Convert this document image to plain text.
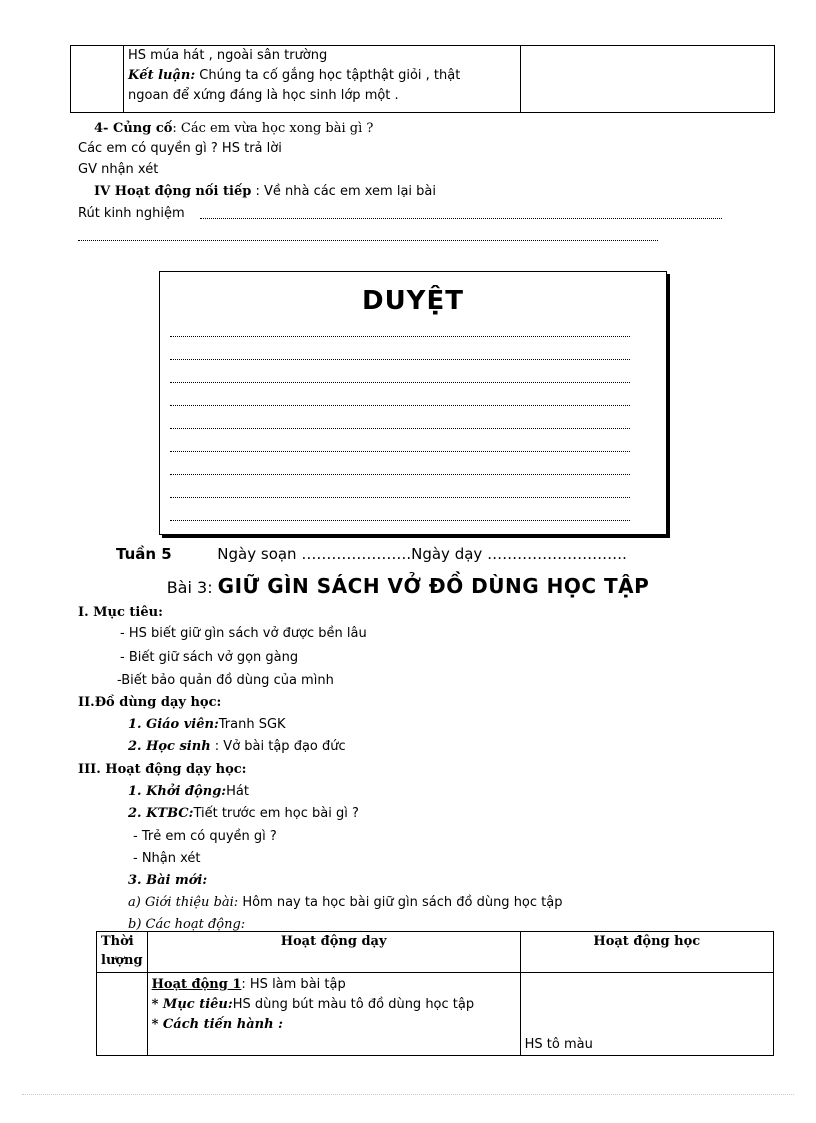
HS múa hát , ngoài sân trường
Kết luận: Chúng ta cố gắng học tậpthật giỏi , thật
ngoan để xứng đáng là học sinh lớp một .

4- Củng cố: Các em vừa học xong bài gì ?
Các em có quyền gì ? HS trả lời
GV nhận xét
IV Hoạt động nối tiếp : Về nhà các em xem lại bài
Rút kinh nghiệm
DUYỆT
Tuần 5	Ngày soạn ………………….Ngày dạy ……………………….
Bài 3: GIỮ GÌN SÁCH VỞ ĐỒ DÙNG HỌC TẬP
I. Mục tiêu:
- HS biết giữ gìn sách vở được bền lâu
- Biết giữ sách vở gọn gàng
-Biết bảo quản đồ dùng của mình
II.Đồ dùng dạy học:
1. Giáo viên:Tranh SGK
2. Học sinh : Vở bài tập đạo đức
III. Hoạt động dạy học:
1. Khởi động:Hát
2. KTBC:Tiết trước em học bài gì ?
- Trẻ em có quyền gì ?
- Nhận xét
3. Bài mới:
a) Giới thiệu bài: Hôm nay ta học bài giữ gìn sách đồ dùng học tập
b) Các hoạt động:
Thời lượng	Hoạt động dạy	Hoạt động học

	Hoạt động 1: HS làm bài tập
* Mục tiêu:HS dùng bút màu tô đồ dùng học tập
* Cách tiến hành :	HS tô màu
